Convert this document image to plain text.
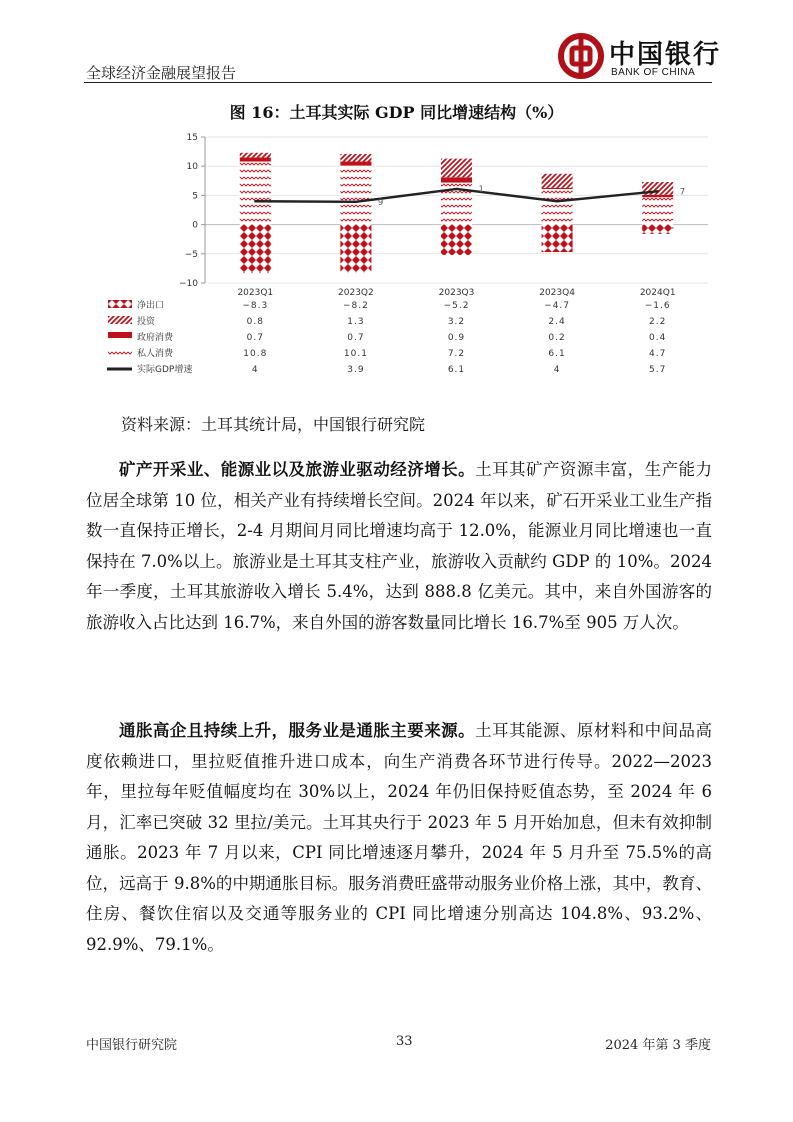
全球经济金融展望报告
中国银行
BANK OF CHINA
图 16：土耳其实际 GDP 同比增速结构（%）
15
10
5
0
−5
−10
2023Q1	2023Q2	2023Q3	2023Q4	2024Q1
9
1	7
净出口	−8.3	−8.2	−5.2	−4.7	−1.6
投资	0.8	1.3	3.2	2.4	2.2
政府消费	0.7	0.7	0.9	0.2	0.4
私人消费	10.8	10.1	7.2	6.1	4.7
实际GDP增速	4	3.9	6.1	4	5.7
资料来源：土耳其统计局，中国银行研究院

矿产开采业、能源业以及旅游业驱动经济增长。土耳其矿产资源丰富，生产能力位居全球第 10 位，相关产业有持续增长空间。2024 年以来，矿石开采业工业生产指数一直保持正增长，2-4 月期间月同比增速均高于 12.0%，能源业月同比增速也一直保持在 7.0%以上。旅游业是土耳其支柱产业，旅游收入贡献约 GDP 的 10%。2024 年一季度，土耳其旅游收入增长 5.4%，达到 888.8 亿美元。其中，来自外国游客的旅游收入占比达到 16.7%，来自外国的游客数量同比增长 16.7%至 905 万人次。

通胀高企且持续上升，服务业是通胀主要来源。土耳其能源、原材料和中间品高度依赖进口，里拉贬值推升进口成本，向生产消费各环节进行传导。2022—2023 年，里拉每年贬值幅度均在 30%以上，2024 年仍旧保持贬值态势，至 2024 年 6 月，汇率已突破 32 里拉/美元。土耳其央行于 2023 年 5 月开始加息，但未有效抑制通胀。2023 年 7 月以来，CPI 同比增速逐月攀升，2024 年 5 月升至 75.5%的高位，远高于 9.8%的中期通胀目标。服务消费旺盛带动服务业价格上涨，其中，教育、住房、餐饮住宿以及交通等服务业的 CPI 同比增速分别高达 104.8%、93.2%、92.9%、79.1%。

中国银行研究院	33	2024 年第 3 季度
